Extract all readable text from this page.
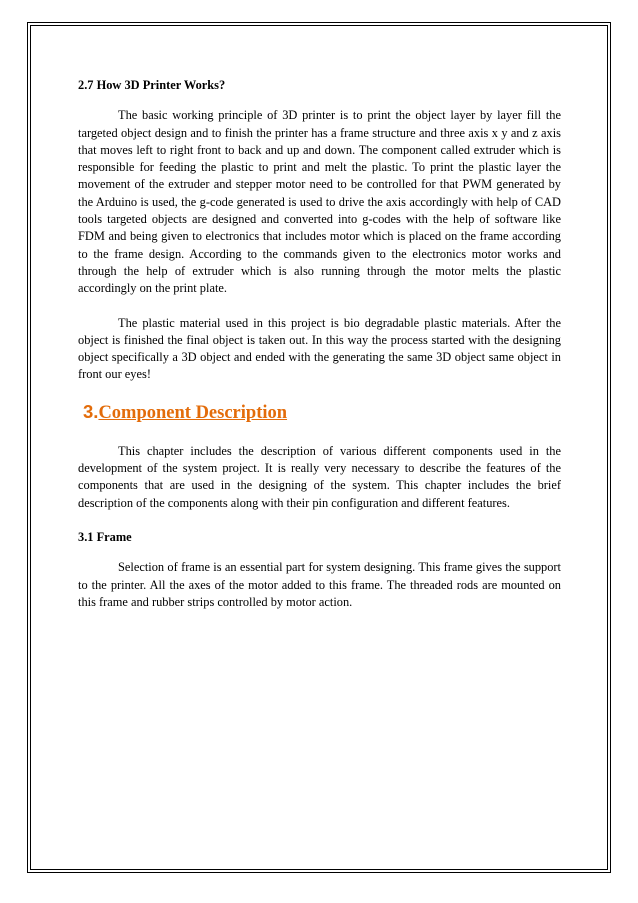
2.7 How 3D Printer Works?

The basic working principle of 3D printer is to print the object layer by layer fill the targeted object design and to finish the printer has a frame structure and three axis x y and z axis that moves left to right front to back and up and down. The component called extruder which is responsible for feeding the plastic to print and melt the plastic. To print the plastic layer the movement of the extruder and stepper motor need to be controlled for that PWM generated by the Arduino is used, the g-code generated is used to drive the axis accordingly with help of CAD tools targeted objects are designed and converted into g-codes with the help of software like FDM and being given to electronics that includes motor which is placed on the frame according to the frame design. According to the commands given to the electronics motor works and through the help of extruder which is also running through the motor melts the plastic accordingly on the print plate.

The plastic material used in this project is bio degradable plastic materials. After the object is finished the final object is taken out. In this way the process started with the designing object specifically a 3D object and ended with the generating the same 3D object same object in front our eyes!

3.Component Description

This chapter includes the description of various different components used in the development of the system project. It is really very necessary to describe the features of the components that are used in the designing of the system. This chapter includes the brief description of the components along with their pin configuration and different features.

3.1 Frame

Selection of frame is an essential part for system designing. This frame gives the support to the printer. All the axes of the motor added to this frame. The threaded rods are mounted on this frame and rubber strips controlled by motor action.
